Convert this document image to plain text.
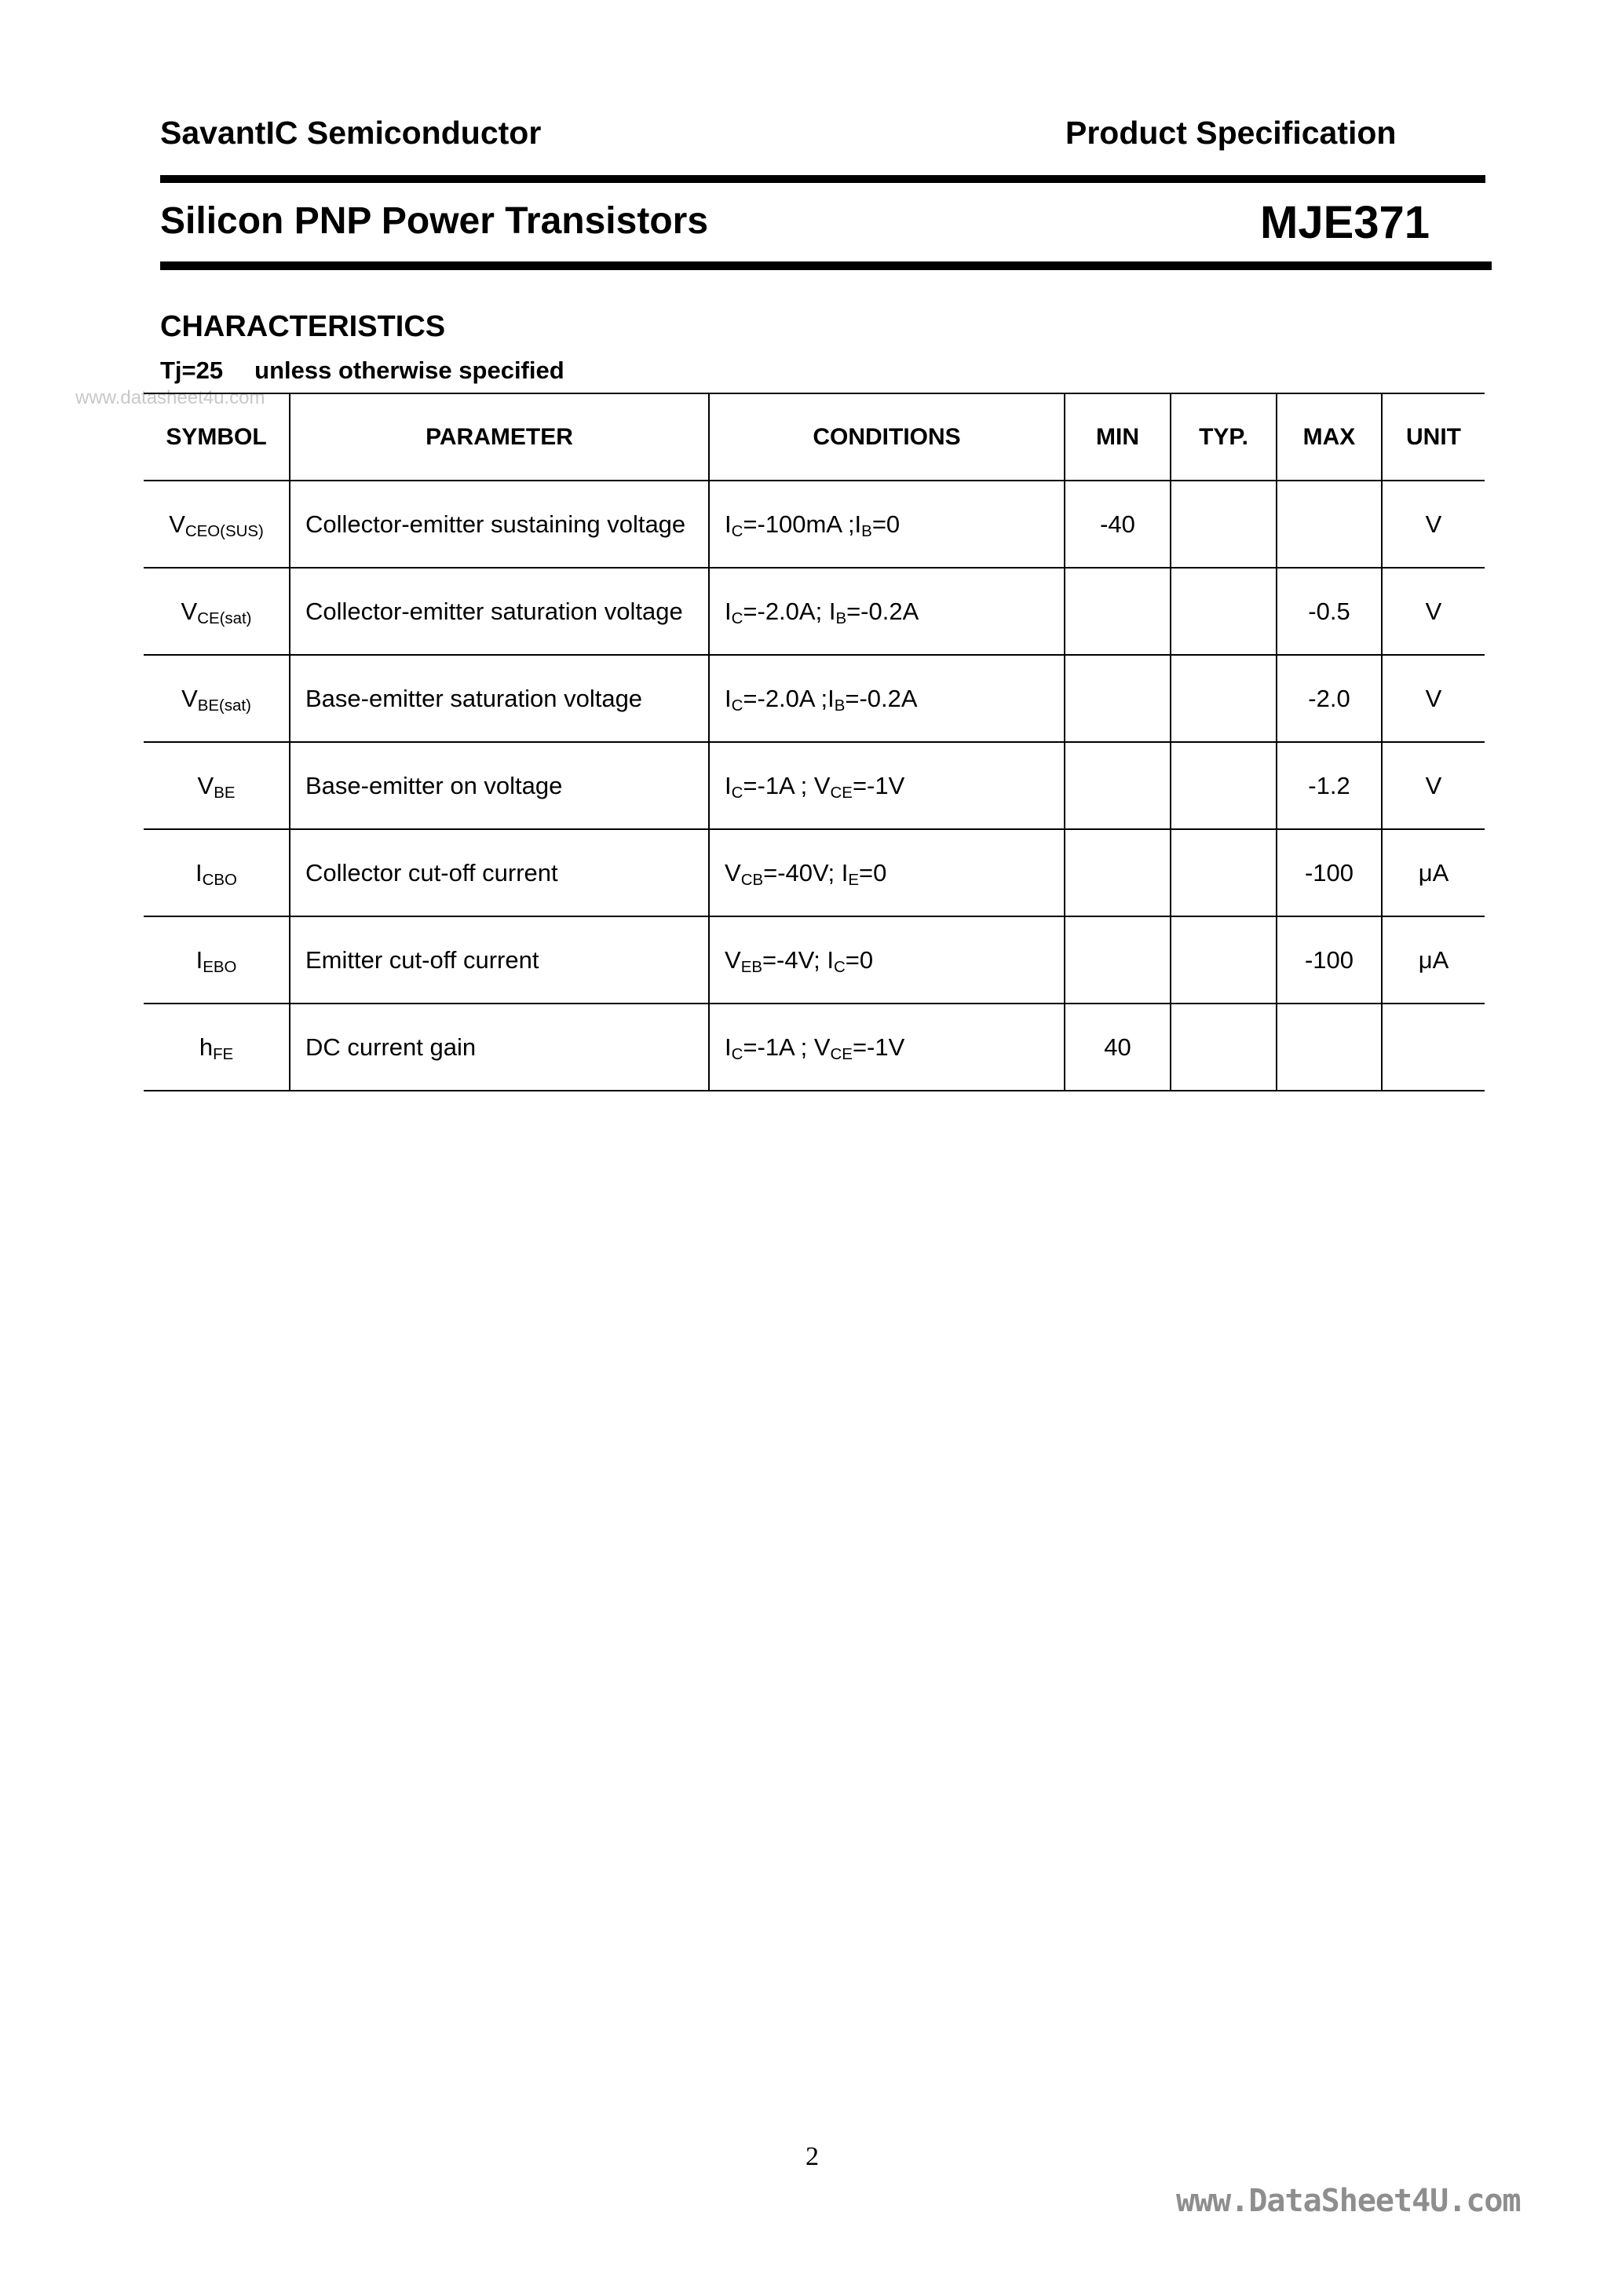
SavantIC Semiconductor	Product Specification
Silicon PNP Power Transistors	MJE371
CHARACTERISTICS
Tj=25 unless otherwise specified
www.datasheet4u.com
SYMBOL	PARAMETER	CONDITIONS	MIN	TYP.	MAX	UNIT
$V_{CEO(SUS)}$	Collector-emitter sustaining voltage	$I_C=-100mA$ $;I_B=0$	-40			V
$V_{CE(sat)}$	Collector-emitter saturation voltage	$I_C=-2.0A$; $I_B=-0.2A$			-0.5	V
$V_{BE(sat)}$	Base-emitter saturation voltage	$I_C=-2.0A$ $;I_B=-0.2A$			-2.0	V
$V_{BE}$	Base-emitter on voltage	$I_C=-1A$ ; $V_{CE}=-1V$			-1.2	V
$I_{CBO}$	Collector cut-off current	$V_{CB}=-40V$; $I_E=0$			-100	μA
$I_{EBO}$	Emitter cut-off current	$V_{EB}=-4V$; $I_C=0$			-100	μA
$h_{FE}$	DC current gain	$I_C=-1A$ ; $V_{CE}=-1V$	40			
2
www.DataSheet4U.com
